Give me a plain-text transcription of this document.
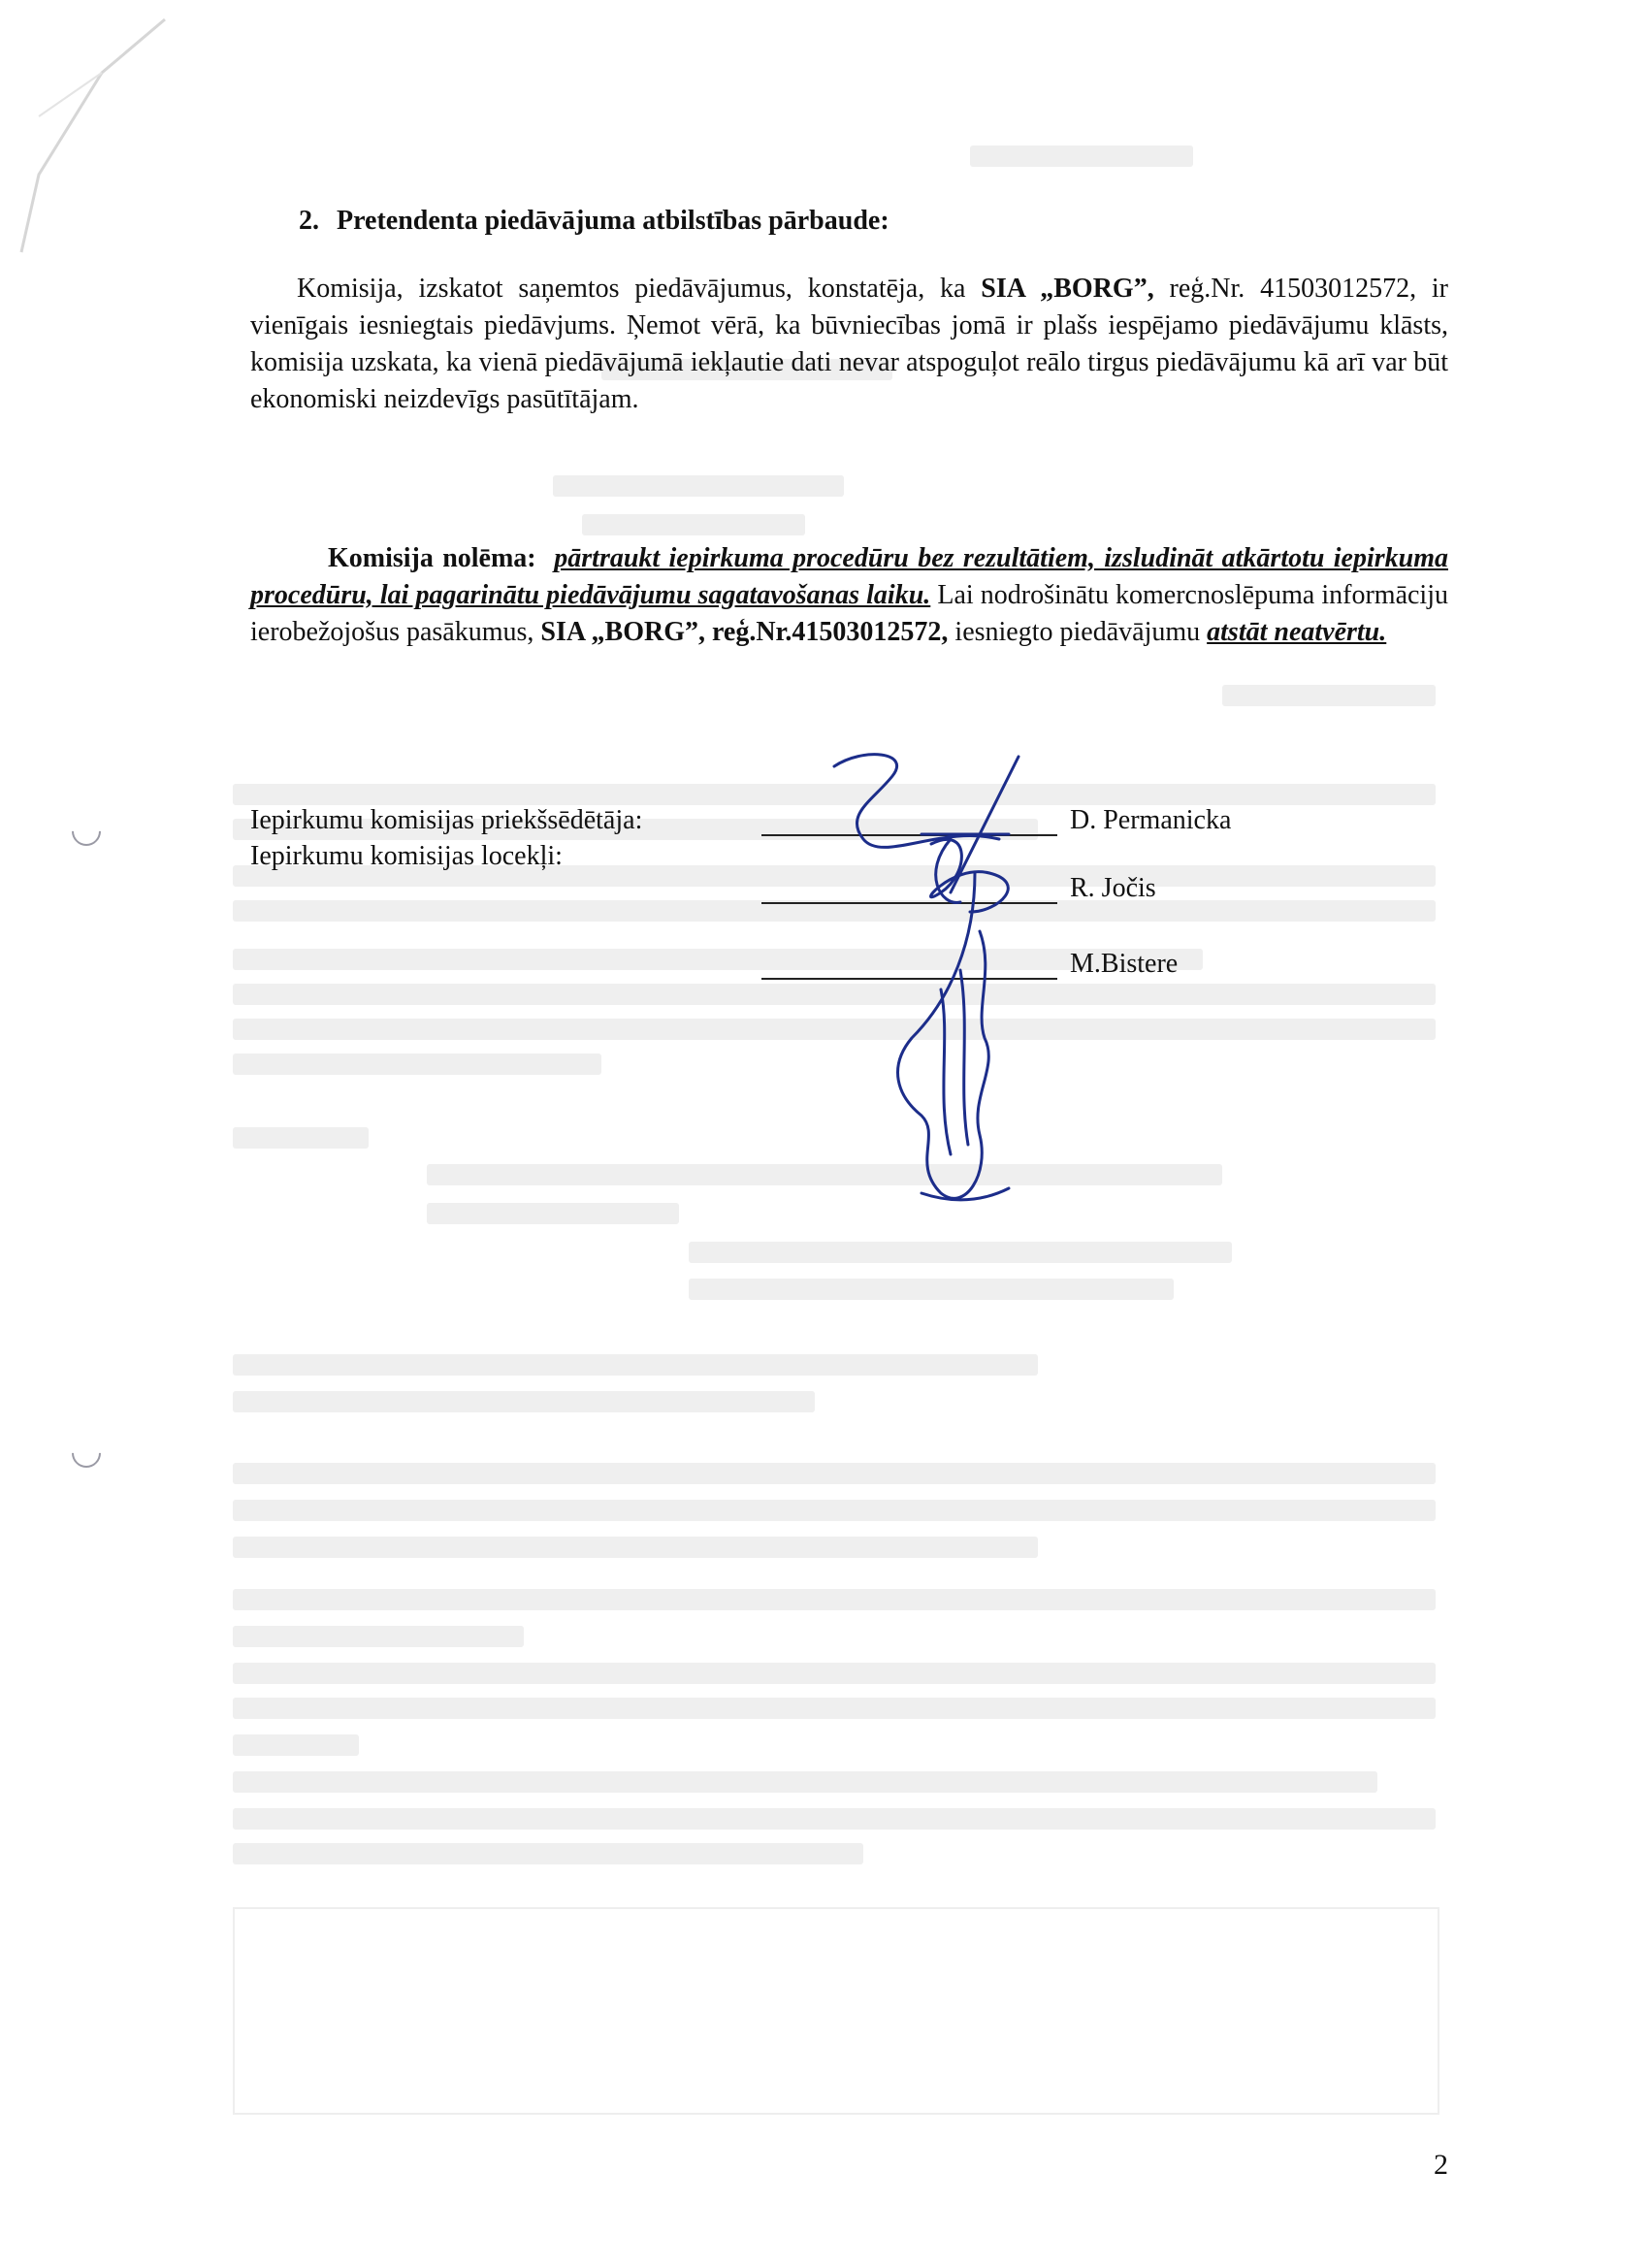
2. Pretendenta piedāvājuma atbilstības pārbaude:

Komisija, izskatot saņemtos piedāvājumus, konstatēja, ka SIA „BORG”, reģ.Nr. 41503012572, ir vienīgais iesniegtais piedāvjums. Ņemot vērā, ka būvniecības jomā ir plašs iespējamo piedāvājumu klāsts, komisija uzskata, ka vienā piedāvājumā iekļautie dati nevar atspoguļot reālo tirgus piedāvājumu kā arī var būt ekonomiski neizdevīgs pasūtītājam.

Komisija nolēma: pārtraukt iepirkuma procedūru bez rezultātiem, izsludināt atkārtotu iepirkuma procedūru, lai pagarinātu piedāvājumu sagatavošanas laiku. Lai nodrošinātu komercnoslēpuma informāciju ierobežojošus pasākumus, SIA „BORG”, reģ.Nr.41503012572, iesniegto piedāvājumu atstāt neatvērtu.

Iepirkumu komisijas priekšsēdētāja:	D. Permanicka
Iepirkumu komisijas locekļi:
R. Jočis
M.Bistere
2
